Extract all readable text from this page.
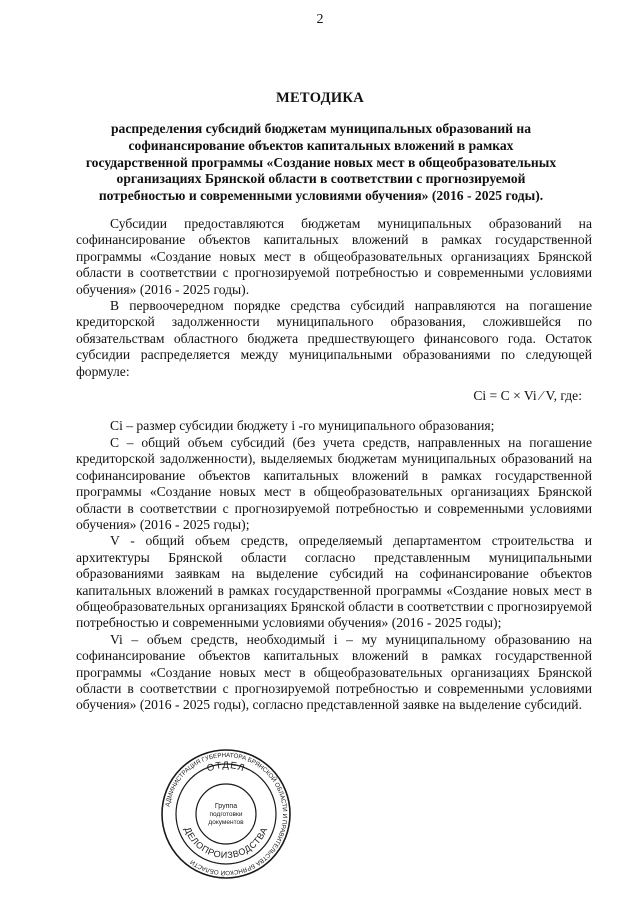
2
МЕТОДИКА
распределения субсидий бюджетам муниципальных образований на софинансирование объектов капитальных вложений в рамках государственной программы «Создание новых мест в общеобразовательных организациях Брянской области в соответствии с прогнозируемой потребностью и современными условиями обучения» (2016 - 2025 годы).

Субсидии предоставляются бюджетам муниципальных образований на софинансирование объектов капитальных вложений в рамках государственной программы «Создание новых мест в общеобразовательных организациях Брянской области в соответствии с прогнозируемой потребностью и современными условиями обучения» (2016 - 2025 годы).

В первоочередном порядке средства субсидий направляются на погашение кредиторской задолженности муниципального образования, сложившейся по обязательствам областного бюджета предшествующего финансового года. Остаток субсидии распределяется между муниципальными образованиями по следующей формуле:

Ci = C × Vi ⁄ V, где:

Ci – размер субсидии бюджету i -го муниципального образования;

С – общий объем субсидий (без учета средств, направленных на погашение кредиторской задолженности), выделяемых бюджетам муниципальных образований на софинансирование объектов капитальных вложений в рамках государственной программы «Создание новых мест в общеобразовательных организациях Брянской области в соответствии с прогнозируемой потребностью и современными условиями обучения» (2016 - 2025 годы);

V - общий объем средств, определяемый департаментом строительства и архитектуры Брянской области согласно представленным муниципальными образованиями заявкам на выделение субсидий на софинансирование объектов капитальных вложений в рамках государственной программы «Создание новых мест в общеобразовательных организациях Брянской области в соответствии с прогнозируемой потребностью и современными условиями обучения» (2016 - 2025 годы);

Vi – объем средств, необходимый i – му муниципальному образованию на софинансирование объектов капитальных вложений в рамках государственной программы «Создание новых мест в общеобразовательных организациях Брянской области в соответствии с прогнозируемой потребностью и современными условиями обучения» (2016 - 2025 годы), согласно представленной заявке на выделение субсидий.

АДМИНИСТРАЦИЯ ГУБЕРНАТОРА БРЯНСКОЙ ОБЛАСТИ И ПРАВИТЕЛЬСТВА БРЯНСКОЙ ОБЛАСТИ
ОТДЕЛ
ДЕЛОПРОИЗВОДСТВА
Группа
подготовки
документов
